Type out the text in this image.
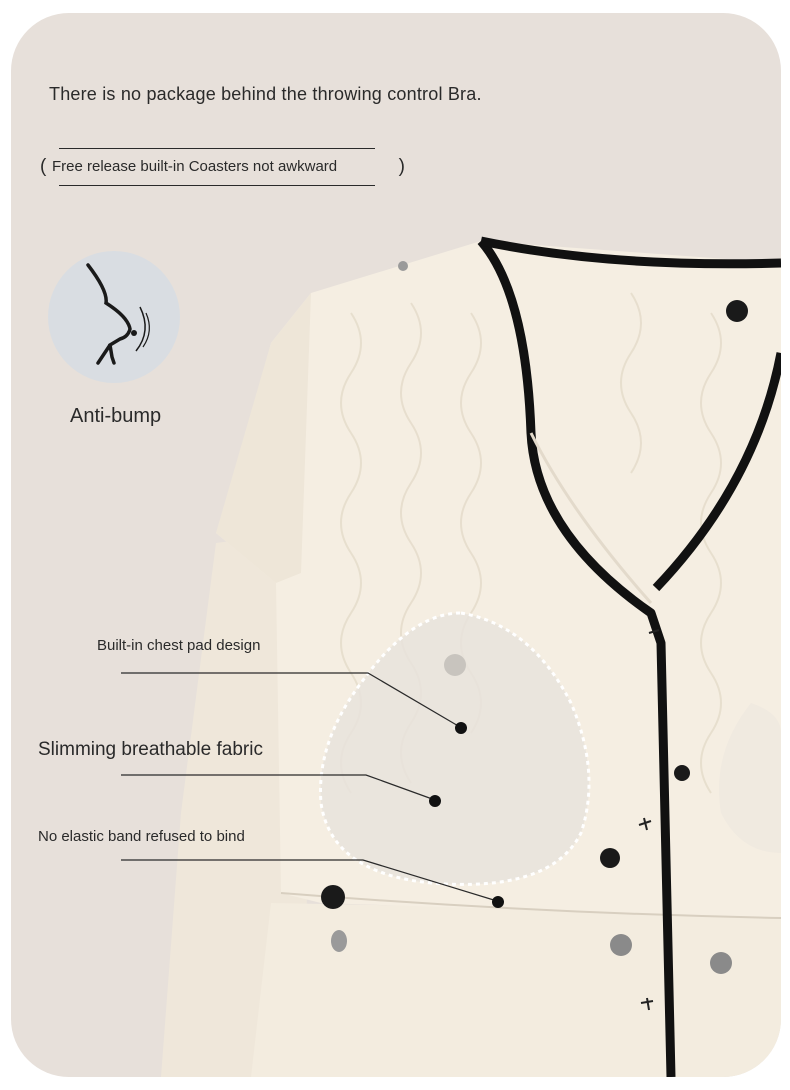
There is no package behind the throwing control Bra.
( Free release built-in Coasters not awkward	)
Anti-bump
Built-in chest pad design
Slimming breathable fabric
No elastic band refused to bind
